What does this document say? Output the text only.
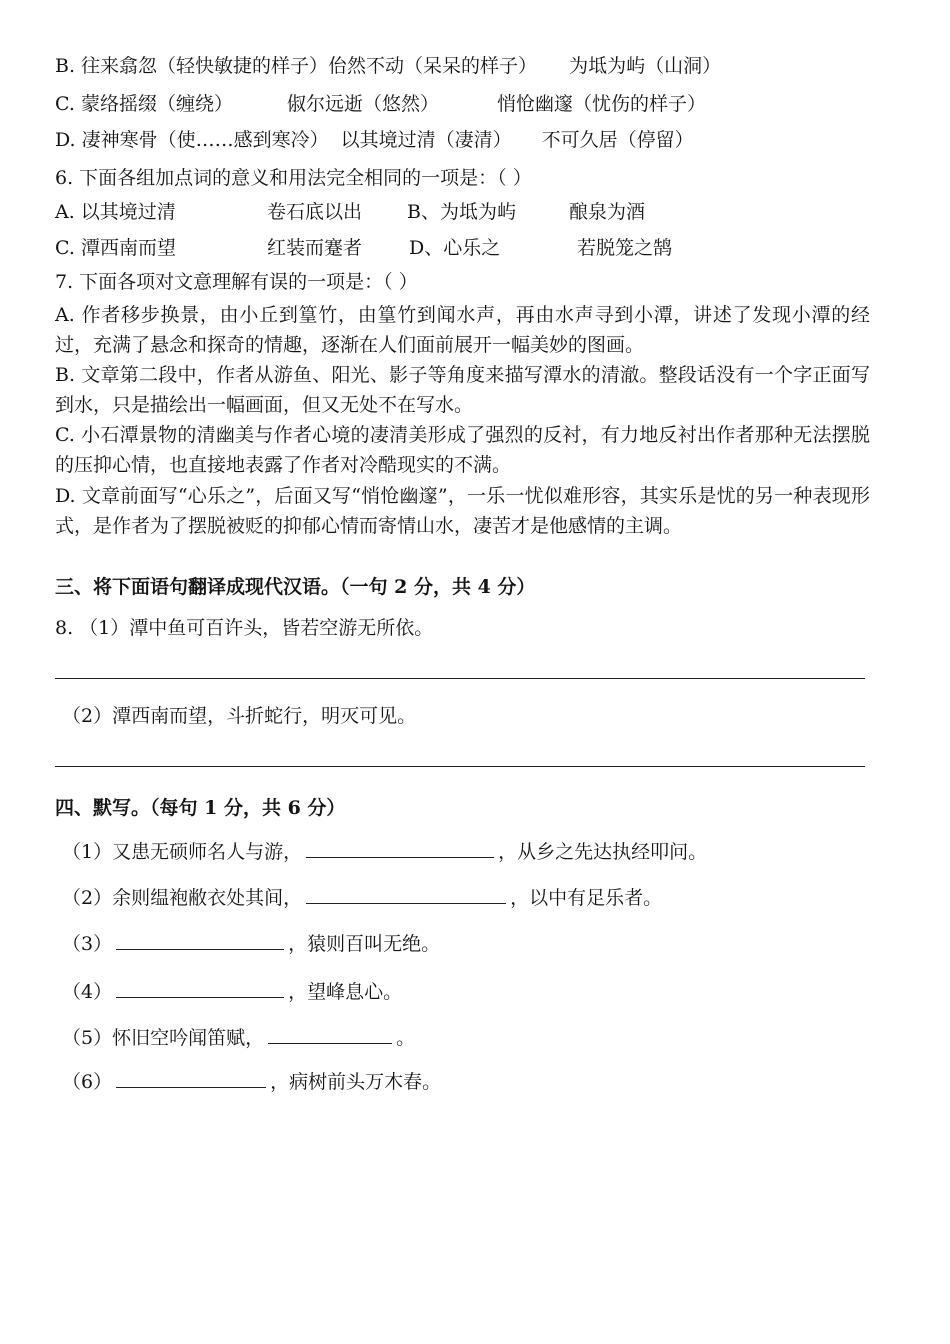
B. 往来翕忽（轻快敏捷的样子）佁然不动（呆呆的样子） 为坻为屿（山洞）
C. 蒙络摇缀（缠绕）	俶尔远逝（悠然）	悄怆幽邃（忧伤的样子）
D. 凄神寒骨（使……感到寒冷） 以其境过清（凄清） 不可久居（停留）
6. 下面各组加点词的意义和用法完全相同的一项是：（ ）
A. 以其境过清	卷石底以出 B、为坻为屿	酿泉为酒
C. 潭西南而望	红装而蹇者 D、心乐之	若脱笼之鹄
7. 下面各项对文意理解有误的一项是：（ ）
A. 作者移步换景，由小丘到篁竹，由篁竹到闻水声，再由水声寻到小潭，讲述了发现小潭的经过，充满了悬念和探奇的情趣，逐渐在人们面前展开一幅美妙的图画。
B. 文章第二段中，作者从游鱼、阳光、影子等角度来描写潭水的清澈。整段话没有一个字正面写到水，只是描绘出一幅画面，但又无处不在写水。
C. 小石潭景物的清幽美与作者心境的凄清美形成了强烈的反衬，有力地反衬出作者那种无法摆脱的压抑心情，也直接地表露了作者对冷酷现实的不满。
D. 文章前面写“心乐之”，后面又写“悄怆幽邃”，一乐一忧似难形容，其实乐是忧的另一种表现形式，是作者为了摆脱被贬的抑郁心情而寄情山水，凄苦才是他感情的主调。
三、将下面语句翻译成现代汉语。（一句 2 分，共 4 分）
8. （1）潭中鱼可百许头，皆若空游无所依。
（2）潭西南而望，斗折蛇行，明灭可见。
四、默写。（每句 1 分，共 6 分）
（1）又患无硕师名人与游，	，从乡之先达执经叩问。
（2）余则缊袍敝衣处其间，	，以中有足乐者。
（3）	，猿则百叫无绝。
（4）	，望峰息心。
（5）怀旧空吟闻笛赋，	。
（6）	，病树前头万木春。
